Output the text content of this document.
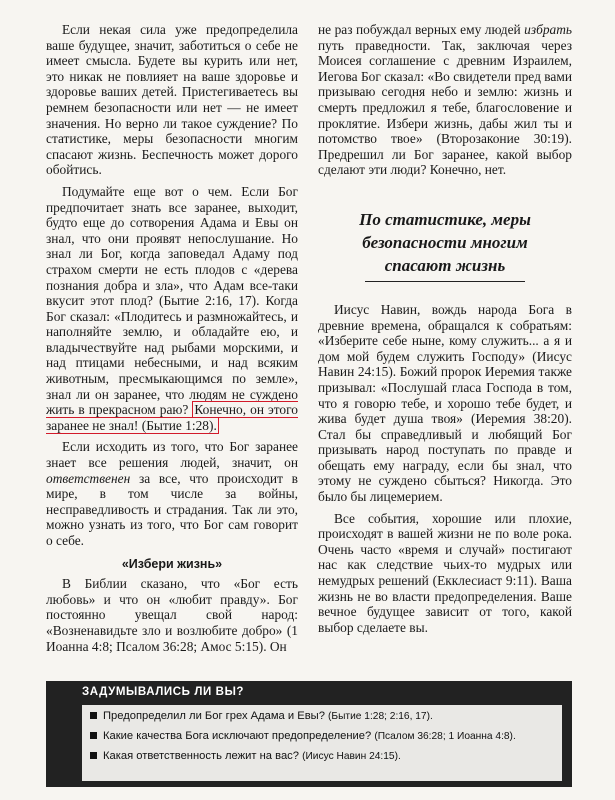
Если некая сила уже предопределила ваше будущее, значит, заботиться о себе не имеет смысла. Будете вы курить или нет, это никак не повлияет на ваше здоровье и здоровье ваших детей. Пристегиваетесь вы ремнем безопасности или нет — не имеет значения. Но верно ли такое суждение? По статистике, меры безопасности многим спасают жизнь. Беспечность может дорого обойтись.

Подумайте еще вот о чем. Если Бог предпочитает знать все заранее, выходит, будто еще до сотворения Адама и Евы он знал, что они проявят непослушание. Но знал ли Бог, когда заповедал Адаму под страхом смерти не есть плодов с «дерева познания добра и зла», что Адам все-таки вкусит этот плод? (Бытие 2:16, 17). Когда Бог сказал: «Плодитесь и размножайтесь, и наполняйте землю, и обладайте ею, и владычествуйте над рыбами морскими, и над птицами небесными, и над всяким животным, пресмыкающимся по земле», знал ли он заранее, что людям не суждено жить в прекрасном раю? Конечно, он этого заранее не знал! (Бытие 1:28).

Если исходить из того, что Бог заранее знает все решения людей, значит, он ответственен за все, что происходит в мире, в том числе за войны, несправедливость и страдания. Так ли это, можно узнать из того, что Бог сам говорит о себе.

«Избери жизнь»

В Библии сказано, что «Бог есть любовь» и что он «любит правду». Бог постоянно увещал свой народ: «Возненавидьте зло и возлюбите добро» (1 Иоанна 4:8; Псалом 36:28; Амос 5:15). Он

не раз побуждал верных ему людей избрать путь праведности. Так, заключая через Моисея соглашение с древним Израилем, Иегова Бог сказал: «Во свидетели пред вами призываю сегодня небо и землю: жизнь и смерть предложил я тебе, благословение и проклятие. Избери жизнь, дабы жил ты и потомство твое» (Второзаконие 30:19). Предрешил ли Бог заранее, какой выбор сделают эти люди? Конечно, нет.

По статистике, меры
безопасности многим
спасают жизнь

Иисус Навин, вождь народа Бога в древние времена, обращался к собратьям: «Изберите себе ныне, кому служить... а я и дом мой будем служить Господу» (Иисус Навин 24:15). Божий пророк Иеремия также призывал: «Послушай гласа Господа в том, что я говорю тебе, и хорошо тебе будет, и жива будет душа твоя» (Иеремия 38:20). Стал бы справедливый и любящий Бог призывать народ поступать по правде и обещать ему награду, если бы знал, что этому не суждено сбыться? Никогда. Это было бы лицемерием.

Все события, хорошие или плохие, происходят в вашей жизни не по воле рока. Очень часто «время и случай» постигают нас как следствие чьих-то мудрых или немудрых решений (Екклесиаст 9:11). Ваша жизнь не во власти предопределения. Ваше вечное будущее зависит от того, какой выбор сделаете вы.

ЗАДУМЫВАЛИСЬ ЛИ ВЫ?
Предопределил ли Бог грех Адама и Евы? (Бытие 1:28; 2:16, 17).
Какие качества Бога исключают предопределение? (Псалом 36:28; 1 Иоанна 4:8).
Какая ответственность лежит на вас? (Иисус Навин 24:15).
